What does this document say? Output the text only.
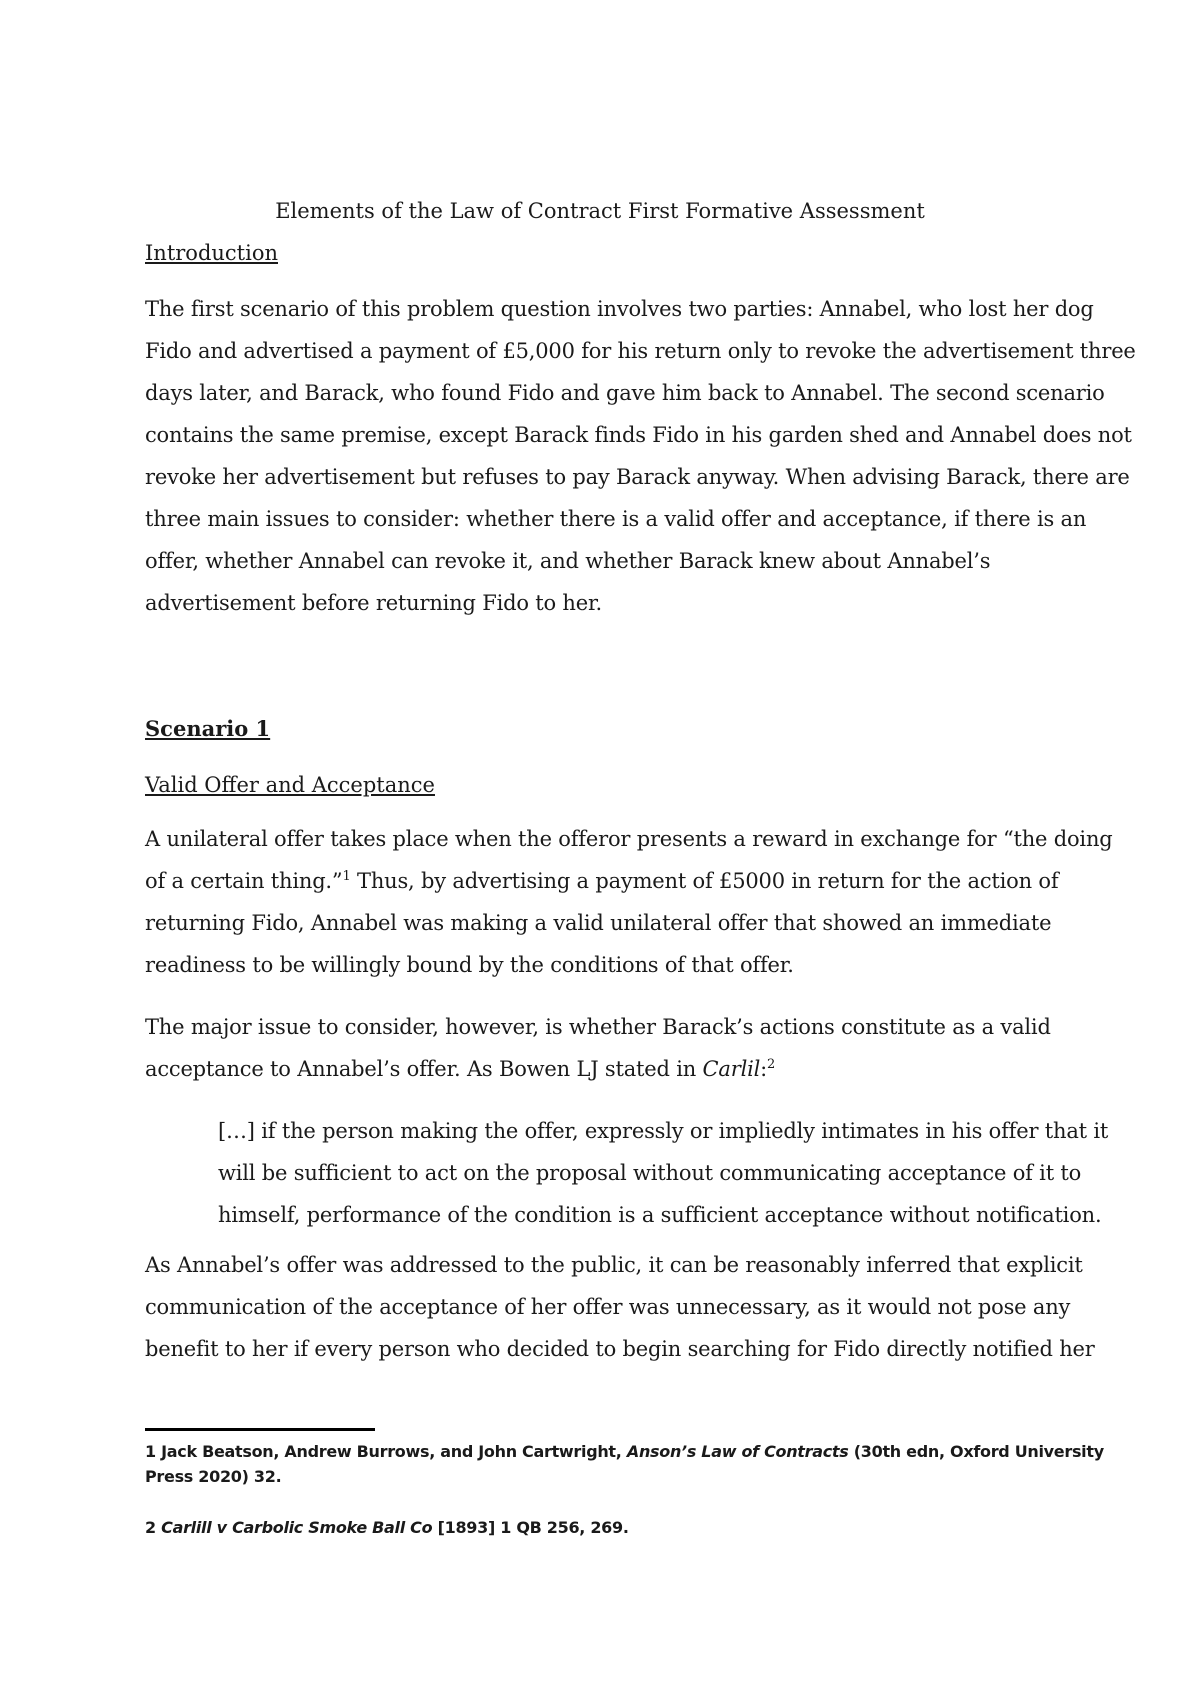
Elements of the Law of Contract First Formative Assessment
Introduction

The first scenario of this problem question involves two parties: Annabel, who lost her dog
Fido and advertised a payment of £5,000 for his return only to revoke the advertisement three
days later, and Barack, who found Fido and gave him back to Annabel. The second scenario
contains the same premise, except Barack finds Fido in his garden shed and Annabel does not
revoke her advertisement but refuses to pay Barack anyway. When advising Barack, there are
three main issues to consider: whether there is a valid offer and acceptance, if there is an
offer, whether Annabel can revoke it, and whether Barack knew about Annabel’s
advertisement before returning Fido to her.

Scenario 1
Valid Offer and Acceptance

A unilateral offer takes place when the offeror presents a reward in exchange for “the doing
of a certain thing.”$^1$ Thus, by advertising a payment of £5000 in return for the action of
returning Fido, Annabel was making a valid unilateral offer that showed an immediate
readiness to be willingly bound by the conditions of that offer.

The major issue to consider, however, is whether Barack’s actions constitute as a valid
acceptance to Annabel’s offer. As Bowen LJ stated in Carlil:$^2$

[…] if the person making the offer, expressly or impliedly intimates in his offer that it
will be sufficient to act on the proposal without communicating acceptance of it to
himself, performance of the condition is a sufficient acceptance without notification.

As Annabel’s offer was addressed to the public, it can be reasonably inferred that explicit
communication of the acceptance of her offer was unnecessary, as it would not pose any
benefit to her if every person who decided to begin searching for Fido directly notified her

1 Jack Beatson, Andrew Burrows, and John Cartwright, Anson’s Law of Contracts (30th edn, Oxford University
Press 2020) 32.

2 Carlill v Carbolic Smoke Ball Co [1893] 1 QB 256, 269.
